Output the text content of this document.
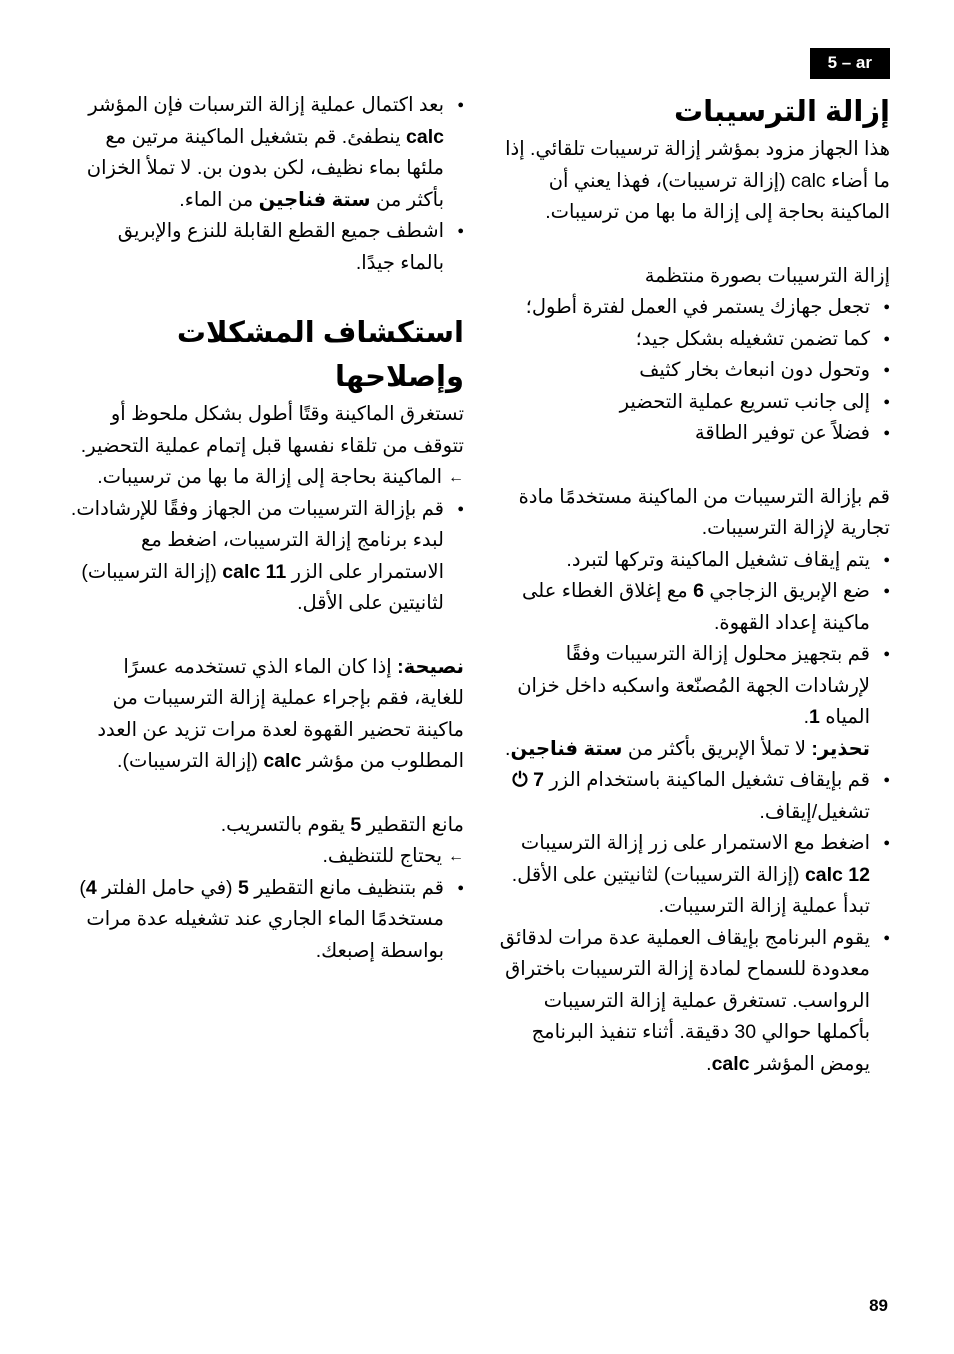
5 – ar
إزالة الترسيبات

هذا الجهاز مزود بمؤشر إزالة ترسيبات تلقائي. إذا ما أضاء calc (إزالة ترسيبات)، فهذا يعني أن الماكينة بحاجة إلى إزالة ما بها من ترسيبات.

إزالة الترسيبات بصورة منتظمة

● تجعل جهازك يستمر في العمل لفترة أطول؛
● كما تضمن تشغيله بشكل جيد؛
● وتحول دون انبعاث بخار كثيف
● إلى جانب تسريع عملية التحضير
● فضلاً عن توفير الطاقة

قم بإزالة الترسيبات من الماكينة مستخدمًا مادة تجارية لإزالة الترسيبات.

● يتم إيقاف تشغيل الماكينة وتركها لتبرد.
● ضع الإبريق الزجاجي 6 مع إغلاق الغطاء على ماكينة إعداد القهوة.
● قم بتجهيز محلول إزالة الترسيبات وفقًا لإرشادات الجهة المُصنّعة واسكبه داخل خزان المياه 1.

تحذير: لا تملأ الإبريق بأكثر من ستة فناجين.

● قم بإيقاف تشغيل الماكينة باستخدام الزر 7 ⏻ تشغيل/إيقاف.
● اضغط مع الاستمرار على زر إزالة الترسيبات calc 12 (إزالة الترسيبات) لثانيتين على الأقل. تبدأ عملية إزالة الترسيبات.
● يقوم البرنامج بإيقاف العملية عدة مرات لدقائق معدودة للسماح لمادة إزالة الترسيبات باختراق الرواسب. تستغرق عملية إزالة الترسيبات بأكملها حوالي 30 دقيقة. أثناء تنفيذ البرنامج يومض المؤشر calc.
● بعد اكتمال عملية إزالة الترسبات فإن المؤشر calc ينطفئ. قم بتشغيل الماكينة مرتين مع ملئها بماء نظيف، لكن بدون بن. لا تملأ الخزان بأكثر من ستة فناجين من الماء.
● اشطف جميع القطع القابلة للنزع والإبريق بالماء جيدًا.
استكشاف المشكلات وإصلاحها

تستغرق الماكينة وقتًا أطول بشكل ملحوظ أو تتوقف من تلقاء نفسها قبل إتمام عملية التحضير.

← الماكينة بحاجة إلى إزالة ما بها من ترسيبات.
● قم بإزالة الترسيبات من الجهاز وفقًا للإرشادات. لبدء برنامج إزالة الترسيبات، اضغط مع الاستمرار على الزر calc 11 (إزالة الترسيبات) لثانيتين على الأقل.

نصيحة: إذا كان الماء الذي تستخدمه عسرًا للغاية، فقم بإجراء عملية إزالة الترسيبات من ماكينة تحضير القهوة لعدة مرات تزيد عن العدد المطلوب من مؤشر calc (إزالة الترسيبات).

مانع التقطير 5 يقوم بالتسريب.

← يحتاج للتنظيف.
● قم بتنظيف مانع التقطير 5 (في حامل الفلتر 4) مستخدمًا الماء الجاري عند تشغيله عدة مرات بواسطة إصبعك.
89
